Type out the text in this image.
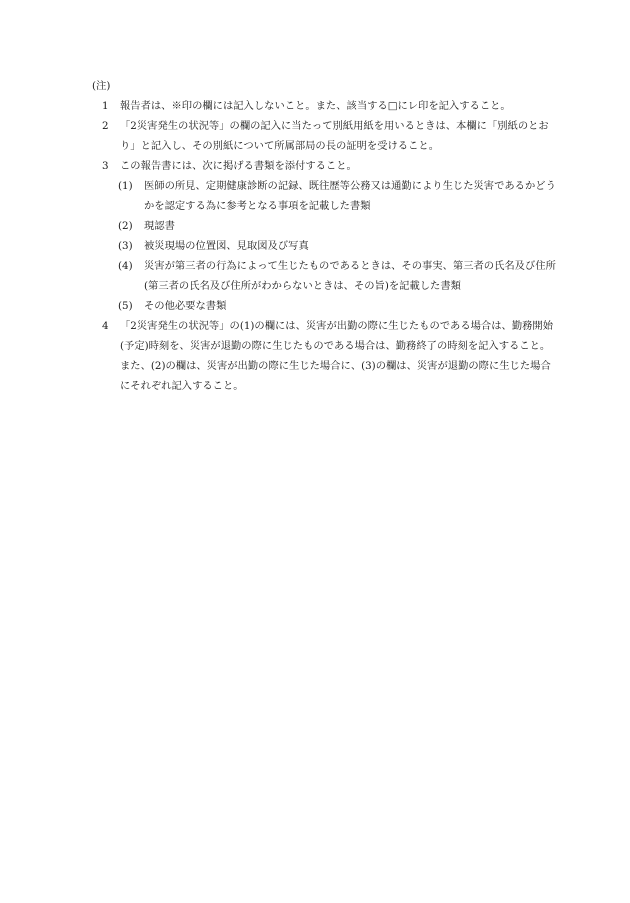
(注)
1 報告者は、※印の欄には記入しないこと。また、該当する□にレ印を記入すること。
2 「2災害発生の状況等」の欄の記入に当たって別紙用紙を用いるときは、本欄に「別紙のとおり」と記入し、その別紙について所属部局の長の証明を受けること。
3 この報告書には、次に掲げる書類を添付すること。
(1) 医師の所見、定期健康診断の記録、既往歴等公務又は通勤により生じた災害であるかどうかを認定する為に参考となる事項を記載した書類
(2) 現認書
(3) 被災現場の位置図、見取図及び写真
(4) 災害が第三者の行為によって生じたものであるときは、その事実、第三者の氏名及び住所(第三者の氏名及び住所がわからないときは、その旨)を記載した書類
(5) その他必要な書類
4 「2災害発生の状況等」の(1)の欄には、災害が出勤の際に生じたものである場合は、勤務開始(予定)時刻を、災害が退勤の際に生じたものである場合は、勤務終了の時刻を記入すること。また、(2)の欄は、災害が出勤の際に生じた場合に、(3)の欄は、災害が退勤の際に生じた場合にそれぞれ記入すること。
